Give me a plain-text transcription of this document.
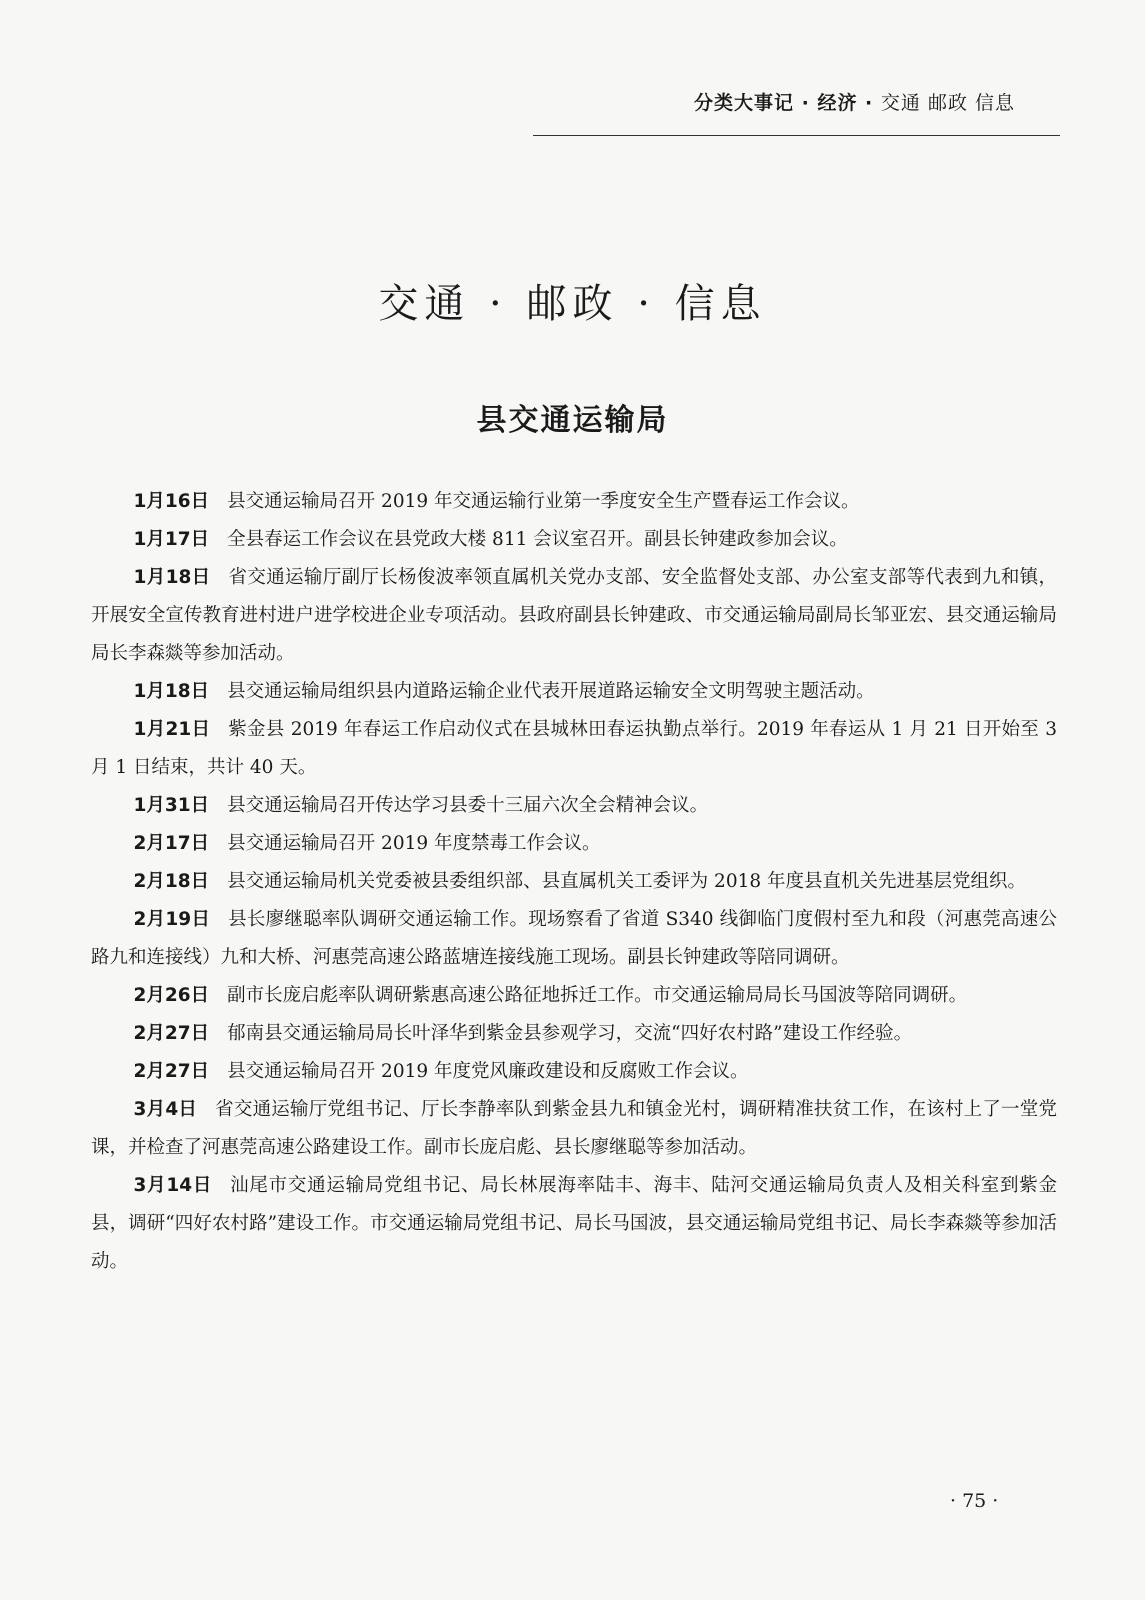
分类大事记 · 经济 · 交通 邮政 信息
交通 · 邮政 · 信息
县交通运输局

1月16日 县交通运输局召开 2019 年交通运输行业第一季度安全生产暨春运工作会议。

1月17日 全县春运工作会议在县党政大楼 811 会议室召开。副县长钟建政参加会议。

1月18日 省交通运输厅副厅长杨俊波率领直属机关党办支部、安全监督处支部、办公室支部等代表到九和镇，开展安全宣传教育进村进户进学校进企业专项活动。县政府副县长钟建政、市交通运输局副局长邹亚宏、县交通运输局局长李森燚等参加活动。

1月18日 县交通运输局组织县内道路运输企业代表开展道路运输安全文明驾驶主题活动。

1月21日 紫金县 2019 年春运工作启动仪式在县城林田春运执勤点举行。2019 年春运从 1 月 21 日开始至 3 月 1 日结束，共计 40 天。

1月31日 县交通运输局召开传达学习县委十三届六次全会精神会议。

2月17日 县交通运输局召开 2019 年度禁毒工作会议。

2月18日 县交通运输局机关党委被县委组织部、县直属机关工委评为 2018 年度县直机关先进基层党组织。

2月19日 县长廖继聪率队调研交通运输工作。现场察看了省道 S340 线御临门度假村至九和段（河惠莞高速公路九和连接线）九和大桥、河惠莞高速公路蓝塘连接线施工现场。副县长钟建政等陪同调研。

2月26日 副市长庞启彪率队调研紫惠高速公路征地拆迁工作。市交通运输局局长马国波等陪同调研。

2月27日 郁南县交通运输局局长叶泽华到紫金县参观学习，交流“四好农村路”建设工作经验。

2月27日 县交通运输局召开 2019 年度党风廉政建设和反腐败工作会议。

3月4日 省交通运输厅党组书记、厅长李静率队到紫金县九和镇金光村，调研精准扶贫工作，在该村上了一堂党课，并检查了河惠莞高速公路建设工作。副市长庞启彪、县长廖继聪等参加活动。

3月14日 汕尾市交通运输局党组书记、局长林展海率陆丰、海丰、陆河交通运输局负责人及相关科室到紫金县，调研“四好农村路”建设工作。市交通运输局党组书记、局长马国波，县交通运输局党组书记、局长李森燚等参加活动。

· 75 ·
